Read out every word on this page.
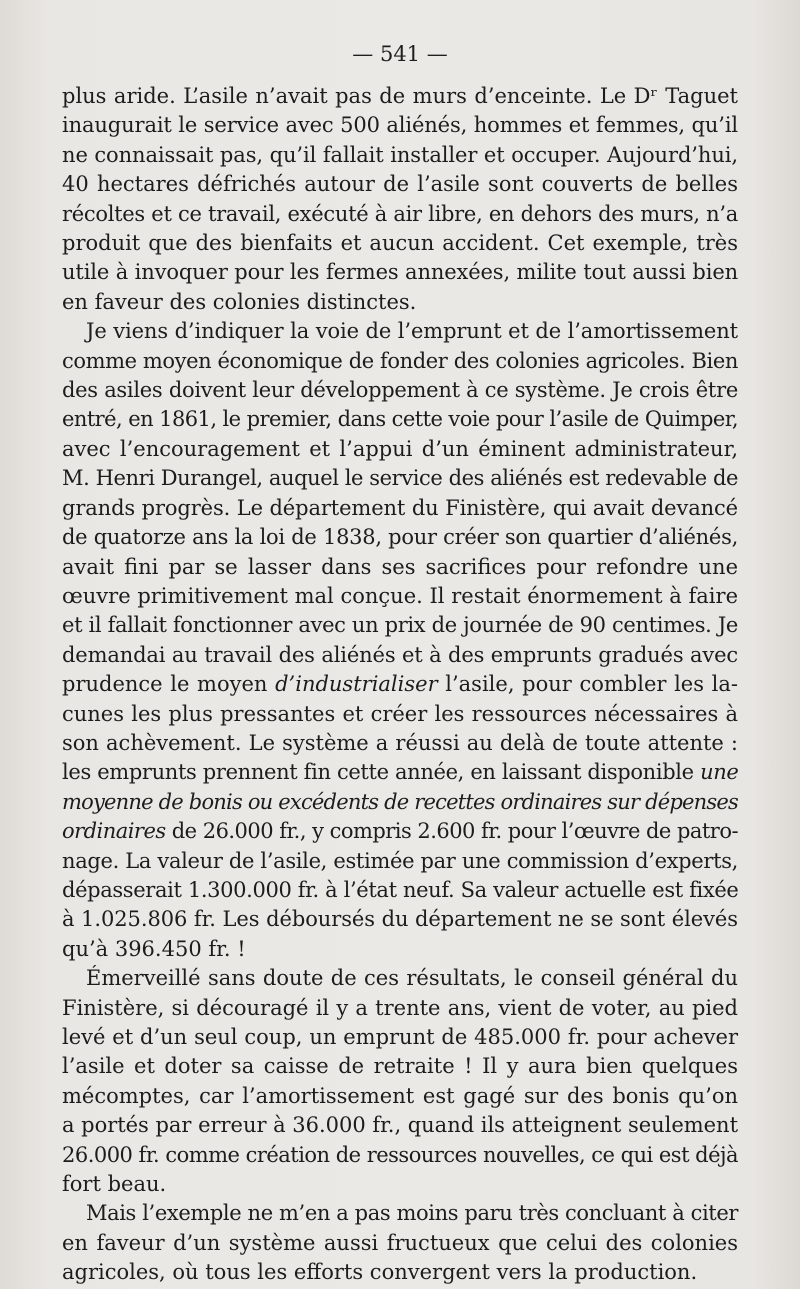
— 541 —
plus aride. L’asile n’avait pas de murs d’enceinte. Le Dʳ Taguet
inaugurait le service avec 500 aliénés, hommes et femmes, qu’il
ne connaissait pas, qu’il fallait installer et occuper. Aujourd’hui,
40 hectares défrichés autour de l’asile sont couverts de belles
récoltes et ce travail, exécuté à air libre, en dehors des murs, n’a
produit que des bienfaits et aucun accident. Cet exemple, très
utile à invoquer pour les fermes annexées, milite tout aussi bien
en faveur des colonies distinctes.
Je viens d’indiquer la voie de l’emprunt et de l’amortissement
comme moyen économique de fonder des colonies agricoles. Bien
des asiles doivent leur développement à ce système. Je crois être
entré, en 1861, le premier, dans cette voie pour l’asile de Quimper,
avec l’encouragement et l’appui d’un éminent administrateur,
M. Henri Durangel, auquel le service des aliénés est redevable de
grands progrès. Le département du Finistère, qui avait devancé
de quatorze ans la loi de 1838, pour créer son quartier d’aliénés,
avait fini par se lasser dans ses sacrifices pour refondre une
œuvre primitivement mal conçue. Il restait énormement à faire
et il fallait fonctionner avec un prix de journée de 90 centimes. Je
demandai au travail des aliénés et à des emprunts gradués avec
prudence le moyen d’industrialiser l’asile, pour combler les la-
cunes les plus pressantes et créer les ressources nécessaires à
son achèvement. Le système a réussi au delà de toute attente :
les emprunts prennent fin cette année, en laissant disponible une
moyenne de bonis ou excédents de recettes ordinaires sur dépenses
ordinaires de 26.000 fr., y compris 2.600 fr. pour l’œuvre de patro-
nage. La valeur de l’asile, estimée par une commission d’experts,
dépasserait 1.300.000 fr. à l’état neuf. Sa valeur actuelle est fixée
à 1.025.806 fr. Les déboursés du département ne se sont élevés
qu’à 396.450 fr. !
Émerveillé sans doute de ces résultats, le conseil général du
Finistère, si découragé il y a trente ans, vient de voter, au pied
levé et d’un seul coup, un emprunt de 485.000 fr. pour achever
l’asile et doter sa caisse de retraite ! Il y aura bien quelques
mécomptes, car l’amortissement est gagé sur des bonis qu’on
a portés par erreur à 36.000 fr., quand ils atteignent seulement
26.000 fr. comme création de ressources nouvelles, ce qui est déjà
fort beau.
Mais l’exemple ne m’en a pas moins paru très concluant à citer
en faveur d’un système aussi fructueux que celui des colonies
agricoles, où tous les efforts convergent vers la production.
